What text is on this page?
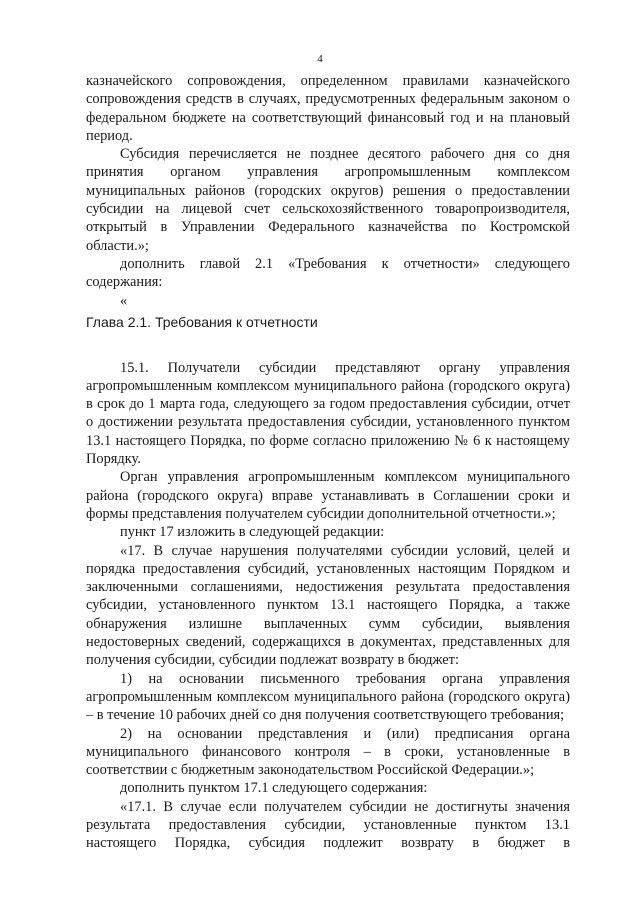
4

казначейского сопровождения, определенном правилами казначейского сопровождения средств в случаях, предусмотренных федеральным законом о федеральном бюджете на соответствующий финансовый год и на плановый период.

Субсидия перечисляется не позднее десятого рабочего дня со дня принятия органом управления агропромышленным комплексом муниципальных районов (городских округов) решения о предоставлении субсидии на лицевой счет сельскохозяйственного товаропроизводителя, открытый в Управлении Федерального казначейства по Костромской области.»;

дополнить главой 2.1 «Требования к отчетности» следующего содержания:

«

Глава 2.1. Требования к отчетности

15.1. Получатели субсидии представляют органу управления агропромышленным комплексом муниципального района (городского округа) в срок до 1 марта года, следующего за годом предоставления субсидии, отчет о достижении результата предоставления субсидии, установленного пунктом 13.1 настоящего Порядка, по форме согласно приложению № 6 к настоящему Порядку.

Орган управления агропромышленным комплексом муниципального района (городского округа) вправе устанавливать в Соглашении сроки и формы представления получателем субсидии дополнительной отчетности.»;

пункт 17 изложить в следующей редакции:

«17. В случае нарушения получателями субсидии условий, целей и порядка предоставления субсидий, установленных настоящим Порядком и заключенными соглашениями, недостижения результата предоставления субсидии, установленного пунктом 13.1 настоящего Порядка, а также обнаружения излишне выплаченных сумм субсидии, выявления недостоверных сведений, содержащихся в документах, представленных для получения субсидии, субсидии подлежат возврату в бюджет:

1) на основании письменного требования органа управления агропромышленным комплексом муниципального района (городского округа) – в течение 10 рабочих дней со дня получения соответствующего требования;

2) на основании представления и (или) предписания органа муниципального финансового контроля – в сроки, установленные в соответствии с бюджетным законодательством Российской Федерации.»;

дополнить пунктом 17.1 следующего содержания:

«17.1. В случае если получателем субсидии не достигнуты значения результата предоставления субсидии, установленные пунктом 13.1 настоящего Порядка, субсидия подлежит возврату в бюджет в
